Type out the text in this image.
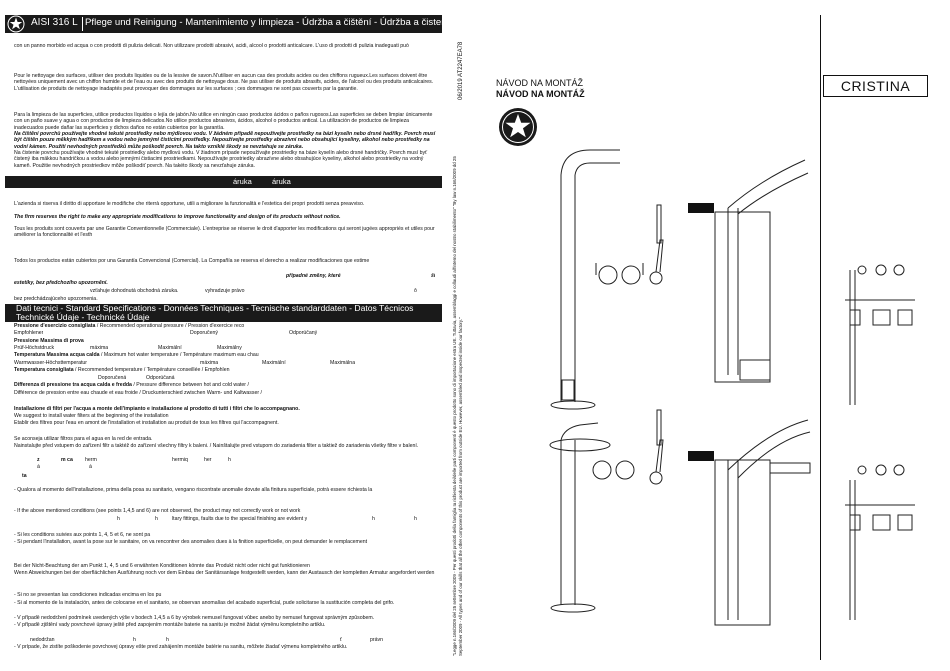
AISI 316 L Pflege und Reinigung - Mantenimiento y limpieza - Údržba a čištění - Údržba a čistenie
con un panno morbido ed acqua o con prodotti di pulizia delicati. Non utilizzare prodotti abrasivi, acidi, alcool o prodotti anticalcare. L'uso di prodotti di pulizia inadeguati può
Pour le nettoyage des surfaces, utiliser des produits liquides ou de la lessive de savon.N'utiliser en aucun cas des produits acides ou des chiffons rugueux.Les surfaces doivent être nettoyées uniquement avec un chiffon humide et de l'eau ou avec des produits de nettoyage doux. Ne pas utiliser de produits abrasifs, acides, de l'alcool ou des produits anticalcaires. L'utilisation de produits de nettoyage inadaptés peut provoquer des dommages sur les surfaces ; ces dommages ne sont pas couverts par la garantie.
Para la limpieza de las superficies, utilice productos líquidos o lejía de jabón.No utilice en ningún caso productos ácidos o paños rugosos.Las superficies se deben limpiar únicamente con un paño suave y agua o con productos de limpieza delicados.No utilice productos abrasivos, ácidos, alcohol o productos antical. La utilización de productos de limpieza inadecuados puede dañar las superficies y dichos daños no están cubiertos por la garantía.
Na čištění povrchů používejte vhodné tekuté prostředky nebo mýdlovou vodu. V žádném případě nepoužívejte prostředky na bázi kyselin nebo drsné hadříky. Povrch musí být čištěn pouze měkkým hadříkem a vodou nebo jemnými čisticími prostředky. Nepoužívejte prostředky abrazivní nebo obsahující kyseliny, alkohol nebo prostředky na vodní kámen. Použití nevhodných prostředků může poškodit povrch. Na takto vzniklé škody se nevztahuje se záruka.
Na čistenie povrchu používajte vhodné tekuté prostriedky alebo mydlovú vodu. V žiadnom prípade nepoužívajte prostriedky na báze kyselín alebo drsné handričky. Povrch musí byť čistený iba mäkkou handričkou a vodou alebo jemnými čistiacimi prostriedkami. Nepoužívajte prostriedky abrazívne alebo obsahujúce kyseliny, alkohol alebo prostriedky na vodný kameň. Použitie nevhodných prostriedkov môže poškodiť povrch. Na takéto škody sa nevzťahuje záruka.
áruka	áruka
L'azienda si riserva il diritto di apportare le modifiche che riterrà opportune, utili a migliorare la funzionalità e l'estetica dei propri prodotti senza preavviso.
The firm reserves the right to make any appropriate modifications to improve functionality and design of its products without notice.
Tous les produits sont couverts par une Garantie Conventionnelle (Commerciale). L'entreprise se réserve le droit d'apporter les modifications qui seront jugées appropriés et utiles pour améliorer la fonctionnalité et l'esth
Todos los productos están cubiertos por una Garantía Convencional (Comercial). La Compañía se reserva el derecho a realizar modificaciones que estime
případné změny, které	ší
estetiky, bez předchozího upozornění.
vzťahuje dohodnutá obchodná záruka.	vyhradzuje právo	ô
bez predchádzajúceho upozornenia.
Dati tecnici - Standard Specifications - Données Techniques - Tecnische standarddaten - Datos Técnicos
Technické Údaje - Technické Údaje
Pressione d'esercizio consigliata / Recommended operational pressure / Pression d'exercice reco
Empfohlener	Doporučený	Odporúčaný
Pressione Massima di prova
Prüf-Höchstdruck	máxima	Maximální	Maximálny
Temperatura Massima acqua calda / Maximum hot water temperature / Température maximum eau chau
Warmwasser-Höchsttemperatur	máxima	Maximální	Maximálna
Temperatura consigliata / Recommended temperature / Température conseillée / Empfohlen
Doporučená	Odporúčaná
Differenza di pressione tra acqua calda e fredda / Pressure difference between hot and cold water /
Différence de pression entre eau chaude et eau froide / Druckunterschied zwischen Warm- und Kaltwasser /
Installazione di filtri per l'acqua a monte dell'impianto e installazione al prodotto di tutti i filtri che lo accompagnano.
We suggest to install water filters at the beginning of the installation
Etablir des filtres pour l'eau en amont de l'installation et installation au produit de tous les filtres qui l'accompagnent.
Se aconseja utilizar filtros para el agua en la red de entrada.
Nainstalujte před vstupem do zařízení filtr a taktéž do zařízení všechny filtry k baleni. / Nainštalujte pred vstupom do zariadenia filter a taktiež do zariadenia všetky filtre v balení.
z	m ca herm	hermiq	her	h
á	á
ta
- Qualora al momento dell'installazione, prima della posa su sanitario, vengano riscontrate anomalie dovute alla finitura superficiale, potrà essere richiesta la
- If the above mentioned conditions (see points 1,4,5 and 6) are not observed, the product may not correctly work or not work
h	h	ltary fittings, faults due to the special finishing are evident y	h	h
- Si les conditions suivies aux points 1, 4, 5 et 6, ne sont pa
- Si pendant l'installation, avant la pose sur le sanitaire, on va rencontrer des anomalies dues à la finition superficielle, on peut demander le remplacement
Bei der Nicht-Beachtung der am Punkt 1, 4, 5 und 6 erwähnten Konditionen könnte das Produkt nicht oder nicht gut funktionieren
Wenn Abweichungen bei der oberflächlichen Ausführung noch vor dem Einbau der Sanitärsanlage festgestellt werden, kann der Austausch der kompletten Armatur angefordert werden
- Si no se presentan las condiciones indicadas encima en los pu
- Si al momento de la instalación, antes de colocarse en el sanitario, se observan anomalías del acabado superficial, pude solicitarse la sustitución completa del grifo.
- V případě nedodržení podmínek uvedených výše v bodech 1,4,5 a 6 by výrobek nemusel fungovat vůbec anebo by nemusel fungovat správným způsobem.
- V případě zjištění vady povrchové úpravy ještě před zapojením montáže baterie na sanitu je možné žádat výměnu kompletního artiklu.
nedodržan	h	h	ť	právn
- V prípade, že zistíte poškodenie povrchovej úpravy ešte pred zahájením montáže batérie na sanitu, môžete žiadať výmenu kompletného artiklu.
06/2019 AT2247EA78
"Legge n.166/2009 del 25 settembre 2009 - Per questi prodotti della famiglia Ia richiesta dei/delle parti componenti è questo prodotto sono di importazione estra UE. Tuttavia, assemblaggi e collaudi all'interno del nostro stabilimento" "By law n.166/2009 dd 25 September 2009 - All types and of our skills that all the other components of this product are imported from outside EU. However, assembled and inspected inside our factory."
NÁVOD NA MONTÁŽ
NÁVOD NA MONTÁŽ	CRISTINA
